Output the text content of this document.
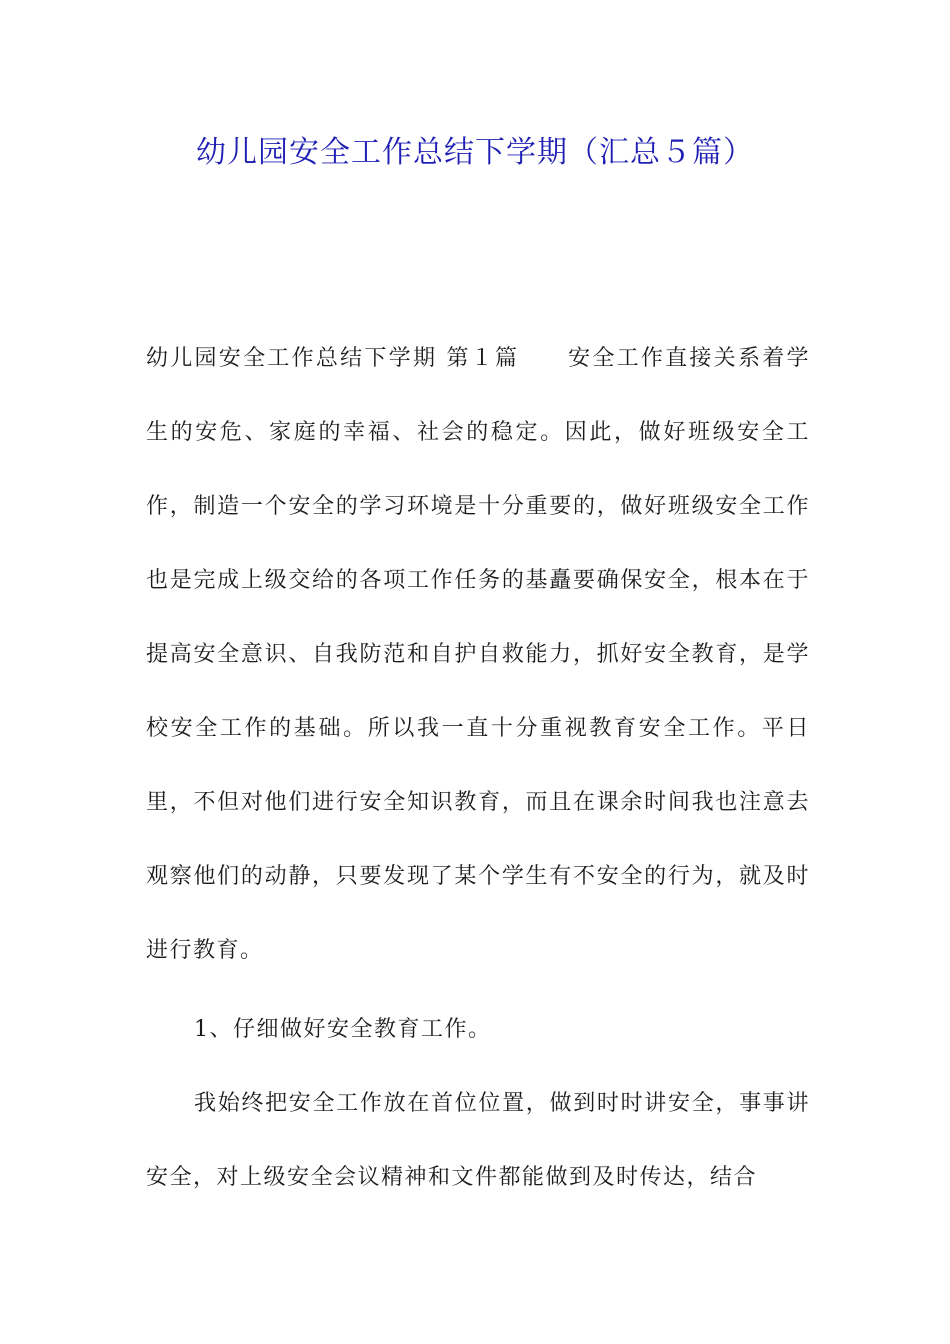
幼儿园安全工作总结下学期（汇总５篇）

幼儿园安全工作总结下学期 第１篇 安全工作直接关系着学生的安危、家庭的幸福、社会的稳定。因此，做好班级安全工作，制造一个安全的学习环境是十分重要的，做好班级安全工作也是完成上级交给的各项工作任务的基矗要确保安全，根本在于提高安全意识、自我防范和自护自救能力，抓好安全教育，是学校安全工作的基础。所以我一直十分重视教育安全工作。平日里，不但对他们进行安全知识教育，而且在课余时间我也注意去观察他们的动静，只要发现了某个学生有不安全的行为，就及时进行教育。

1、仔细做好安全教育工作。

我始终把安全工作放在首位位置，做到时时讲安全，事事讲安全，对上级安全会议精神和文件都能做到及时传达，结合
